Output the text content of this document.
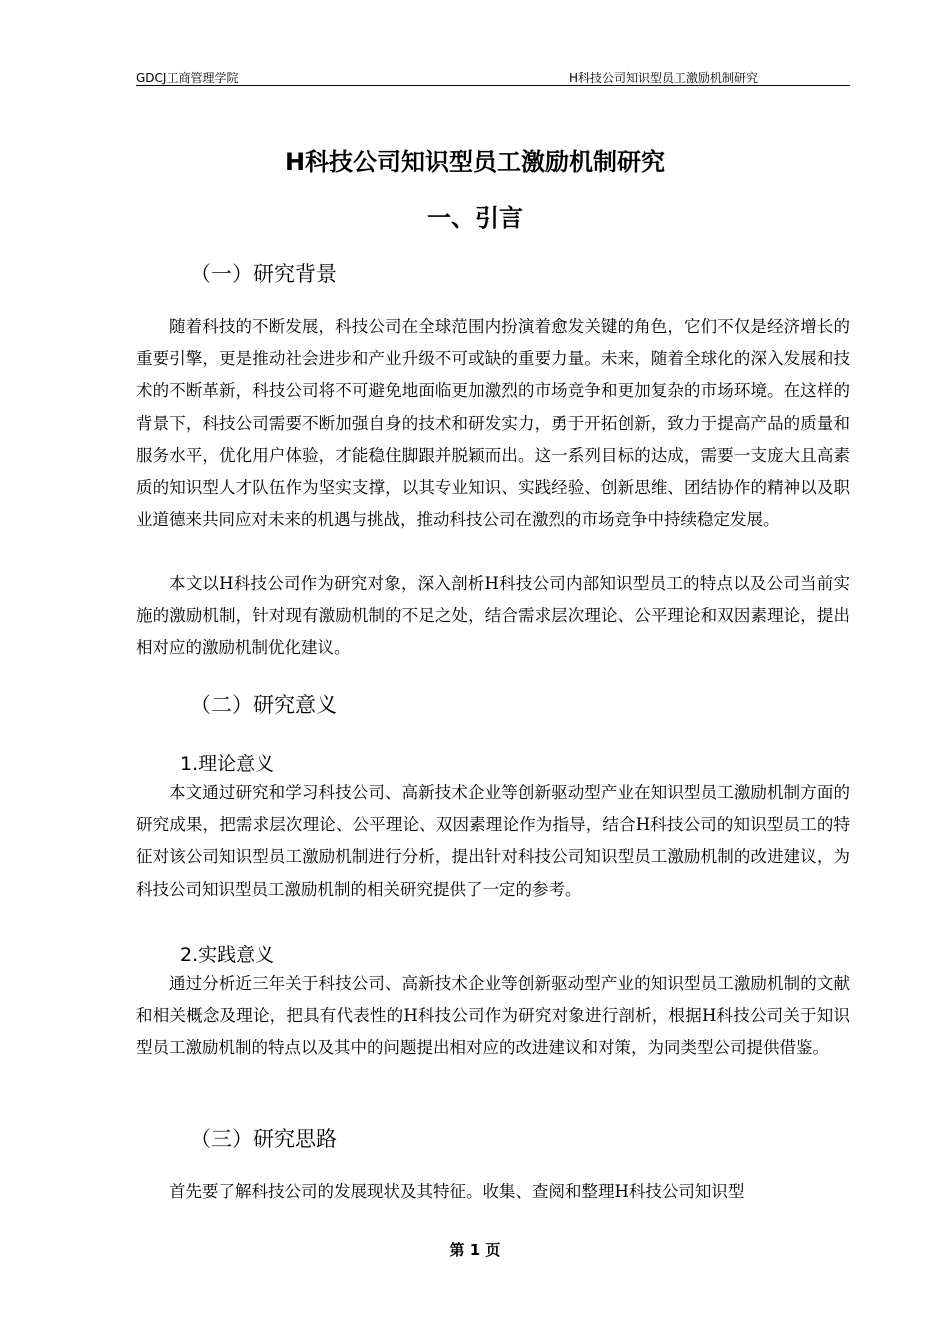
GDCJ工商管理学院	H科技公司知识型员工激励机制研究
H科技公司知识型员工激励机制研究
一、引言
（一）研究背景

随着科技的不断发展，科技公司在全球范围内扮演着愈发关键的角色，它们不仅是经济增长的重要引擎，更是推动社会进步和产业升级不可或缺的重要力量。未来，随着全球化的深入发展和技术的不断革新，科技公司将不可避免地面临更加激烈的市场竞争和更加复杂的市场环境。在这样的背景下，科技公司需要不断加强自身的技术和研发实力，勇于开拓创新，致力于提高产品的质量和服务水平，优化用户体验，才能稳住脚跟并脱颖而出。这一系列目标的达成，需要一支庞大且高素质的知识型人才队伍作为坚实支撑，以其专业知识、实践经验、创新思维、团结协作的精神以及职业道德来共同应对未来的机遇与挑战，推动科技公司在激烈的市场竞争中持续稳定发展。

本文以H科技公司作为研究对象，深入剖析H科技公司内部知识型员工的特点以及公司当前实施的激励机制，针对现有激励机制的不足之处，结合需求层次理论、公平理论和双因素理论，提出相对应的激励机制优化建议。

（二）研究意义
1.理论意义

本文通过研究和学习科技公司、高新技术企业等创新驱动型产业在知识型员工激励机制方面的研究成果，把需求层次理论、公平理论、双因素理论作为指导，结合H科技公司的知识型员工的特征对该公司知识型员工激励机制进行分析，提出针对科技公司知识型员工激励机制的改进建议，为科技公司知识型员工激励机制的相关研究提供了一定的参考。

2.实践意义

通过分析近三年关于科技公司、高新技术企业等创新驱动型产业的知识型员工激励机制的文献和相关概念及理论，把具有代表性的H科技公司作为研究对象进行剖析，根据H科技公司关于知识型员工激励机制的特点以及其中的问题提出相对应的改进建议和对策，为同类型公司提供借鉴。

（三）研究思路

首先要了解科技公司的发展现状及其特征。收集、查阅和整理H科技公司知识型

第 1 页
